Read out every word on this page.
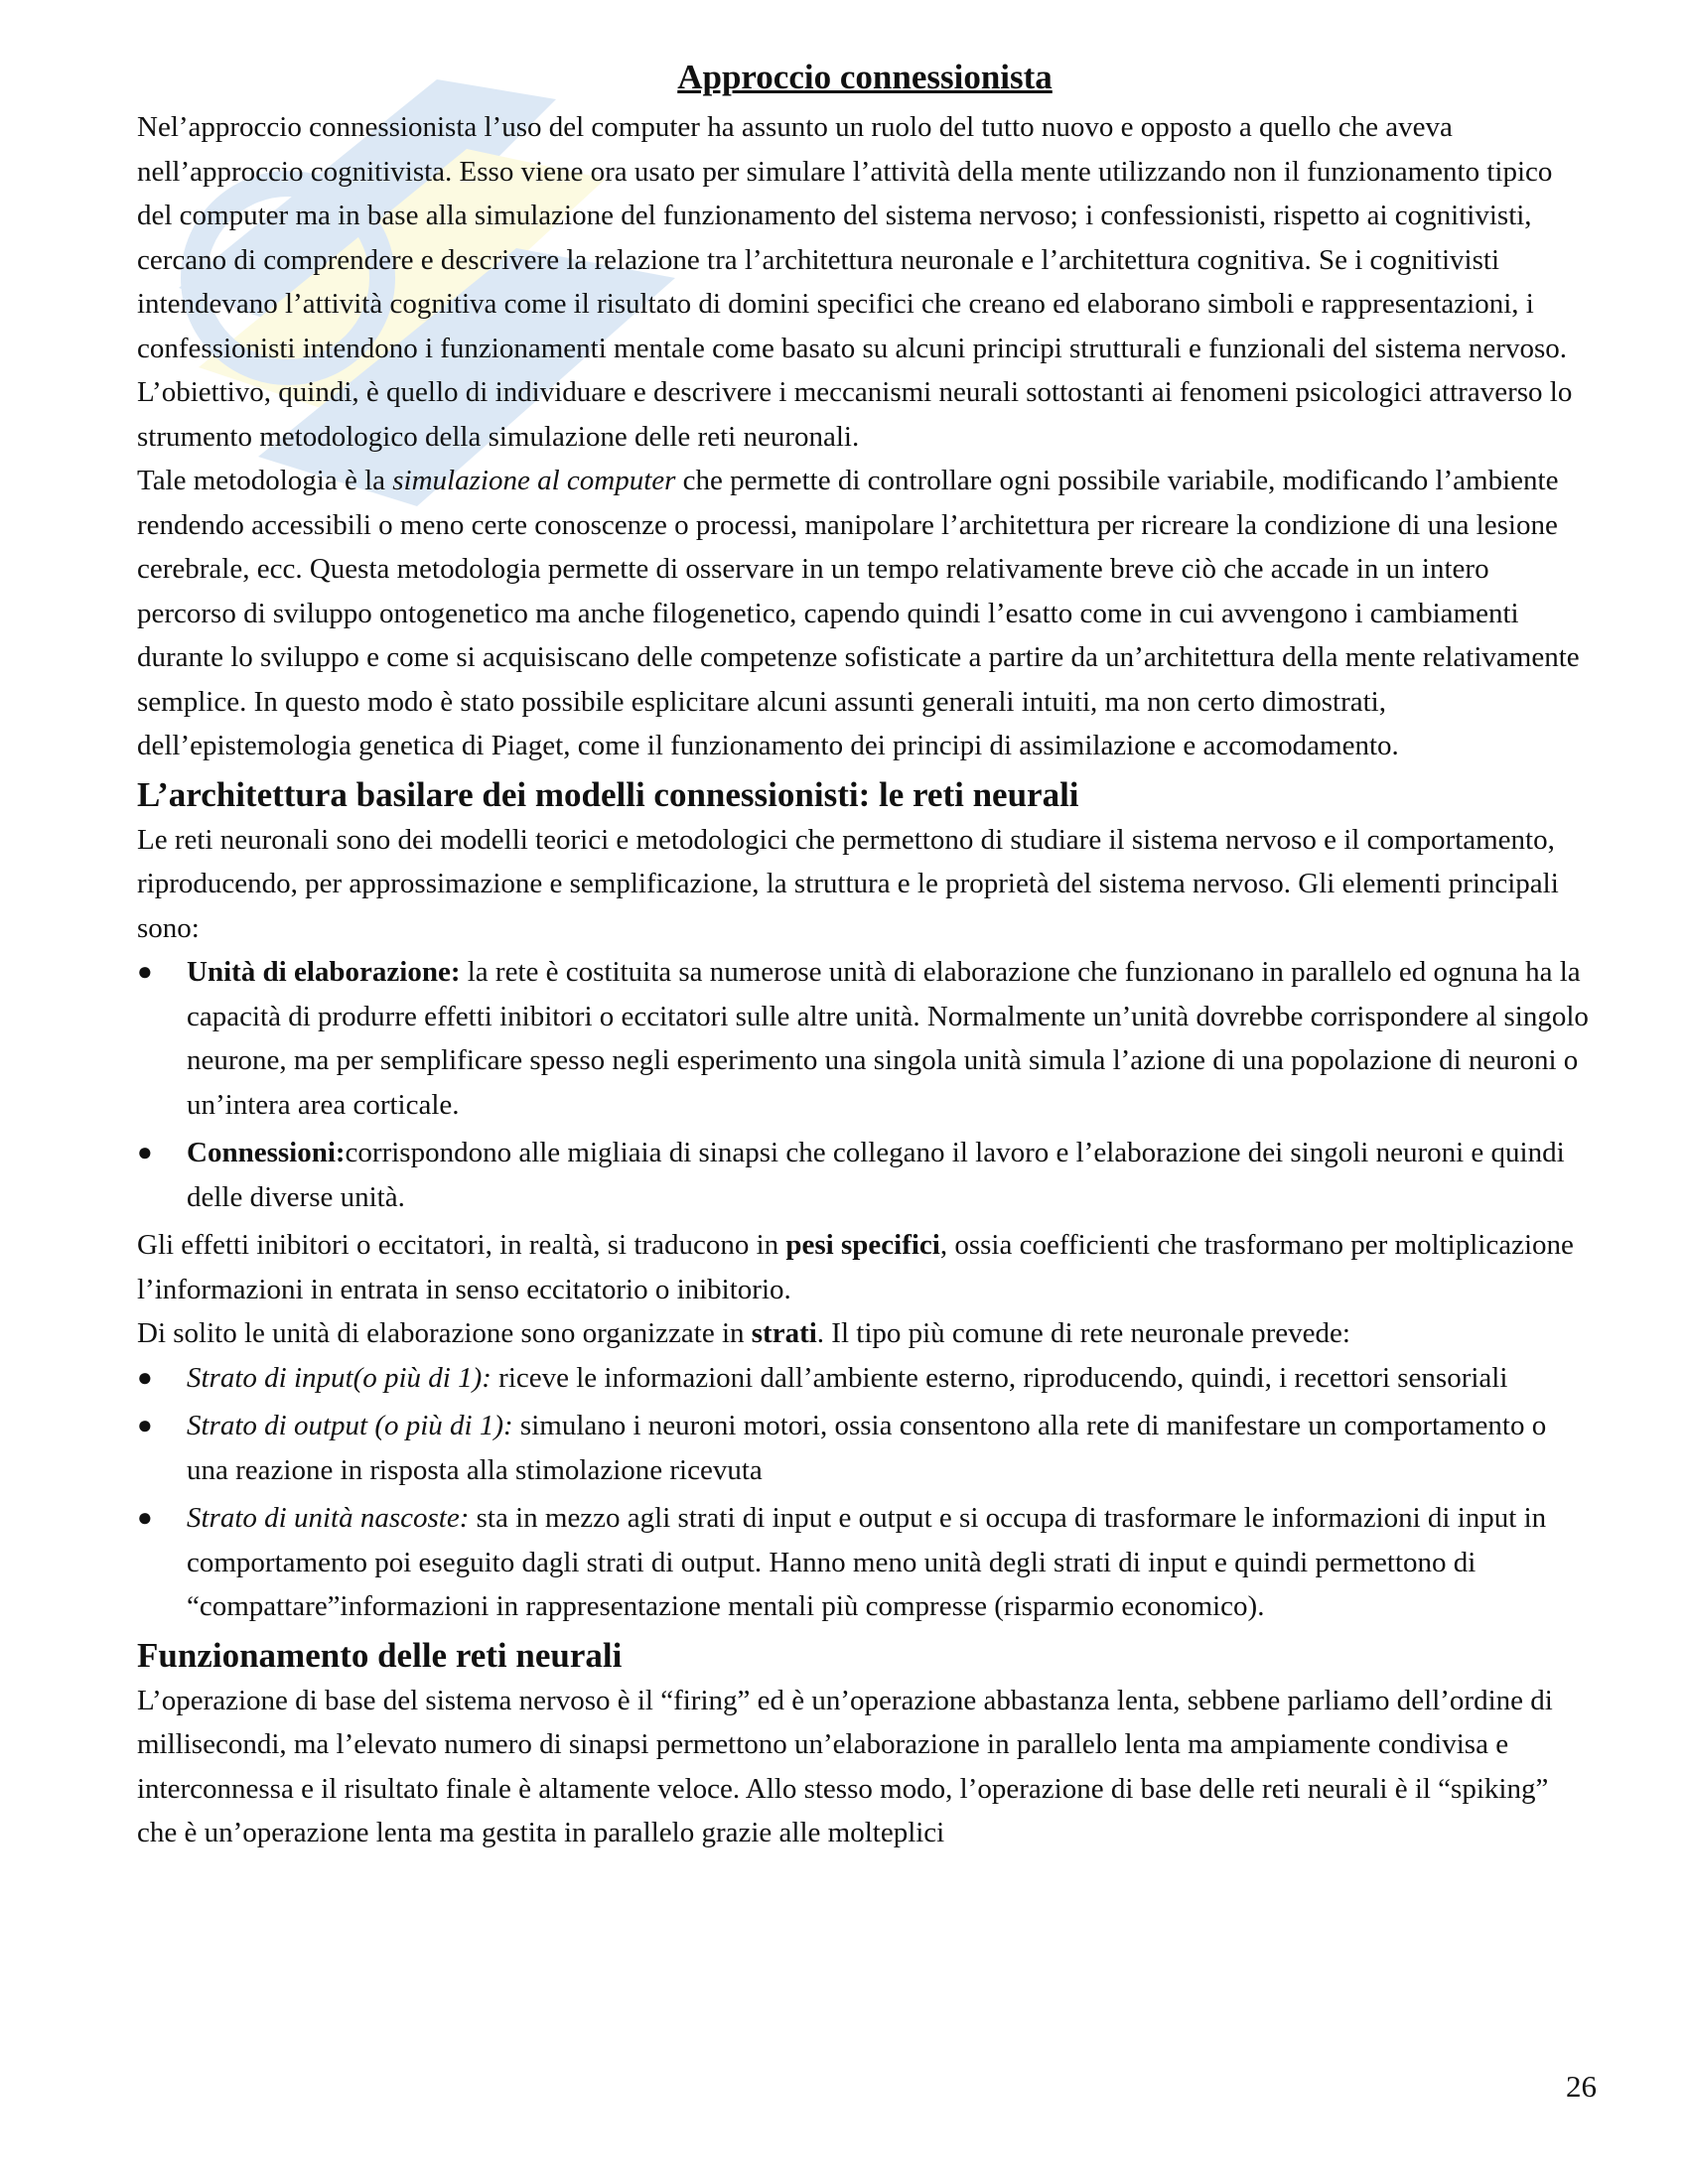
Approccio connessionista

Nel’approccio connessionista l’uso del computer ha assunto un ruolo del tutto nuovo e opposto a quello che aveva nell’approccio cognitivista. Esso viene ora usato per simulare l’attività della mente utilizzando non il funzionamento tipico del computer ma in base alla simulazione del funzionamento del sistema nervoso; i confessionisti, rispetto ai cognitivisti, cercano di comprendere e descrivere la relazione tra l’architettura neuronale e l’architettura cognitiva. Se i cognitivisti intendevano l’attività cognitiva come il risultato di domini specifici che creano ed elaborano simboli e rappresentazioni, i confessionisti intendono i funzionamenti mentale come basato su alcuni principi strutturali e funzionali del sistema nervoso. L’obiettivo, quindi, è quello di individuare e descrivere i meccanismi neurali sottostanti ai fenomeni psicologici attraverso lo strumento metodologico della simulazione delle reti neuronali.

Tale metodologia è la simulazione al computer che permette di controllare ogni possibile variabile, modificando l’ambiente rendendo accessibili o meno certe conoscenze o processi, manipolare l’architettura per ricreare la condizione di una lesione cerebrale, ecc. Questa metodologia permette di osservare in un tempo relativamente breve ciò che accade in un intero percorso di sviluppo ontogenetico ma anche filogenetico, capendo quindi l’esatto come in cui avvengono i cambiamenti durante lo sviluppo e come si acquisiscano delle competenze sofisticate a partire da un’architettura della mente relativamente semplice. In questo modo è stato possibile esplicitare alcuni assunti generali intuiti, ma non certo dimostrati, dell’epistemologia genetica di Piaget, come il funzionamento dei principi di assimilazione e accomodamento.

L’architettura basilare dei modelli connessionisti: le reti neurali

Le reti neuronali sono dei modelli teorici e metodologici che permettono di studiare il sistema nervoso e il comportamento, riproducendo, per approssimazione e semplificazione, la struttura e le proprietà del sistema nervoso. Gli elementi principali sono:

● Unità di elaborazione: la rete è costituita sa numerose unità di elaborazione che funzionano in parallelo ed ognuna ha la capacità di produrre effetti inibitori o eccitatori sulle altre unità. Normalmente un’unità dovrebbe corrispondere al singolo neurone, ma per semplificare spesso negli esperimento una singola unità simula l’azione di una popolazione di neuroni o un’intera area corticale.
● Connessioni:corrispondono alle migliaia di sinapsi che collegano il lavoro e l’elaborazione dei singoli neuroni e quindi delle diverse unità.

Gli effetti inibitori o eccitatori, in realtà, si traducono in pesi specifici, ossia coefficienti che trasformano per moltiplicazione l’informazioni in entrata in senso eccitatorio o inibitorio.

Di solito le unità di elaborazione sono organizzate in strati. Il tipo più comune di rete neuronale prevede:

● Strato di input(o più di 1): riceve le informazioni dall’ambiente esterno, riproducendo, quindi, i recettori sensoriali
● Strato di output (o più di 1): simulano i neuroni motori, ossia consentono alla rete di manifestare un comportamento o una reazione in risposta alla stimolazione ricevuta
● Strato di unità nascoste: sta in mezzo agli strati di input e output e si occupa di trasformare le informazioni di input in comportamento poi eseguito dagli strati di output. Hanno meno unità degli strati di input e quindi permettono di “compattare”informazioni in rappresentazione mentali più compresse (risparmio economico).
Funzionamento delle reti neurali

L’operazione di base del sistema nervoso è il “firing” ed è un’operazione abbastanza lenta, sebbene parliamo dell’ordine di millisecondi, ma l’elevato numero di sinapsi permettono un’elaborazione in parallelo lenta ma ampiamente condivisa e interconnessa e il risultato finale è altamente veloce. Allo stesso modo, l’operazione di base delle reti neurali è il “spiking” che è un’operazione lenta ma gestita in parallelo grazie alle molteplici

26
